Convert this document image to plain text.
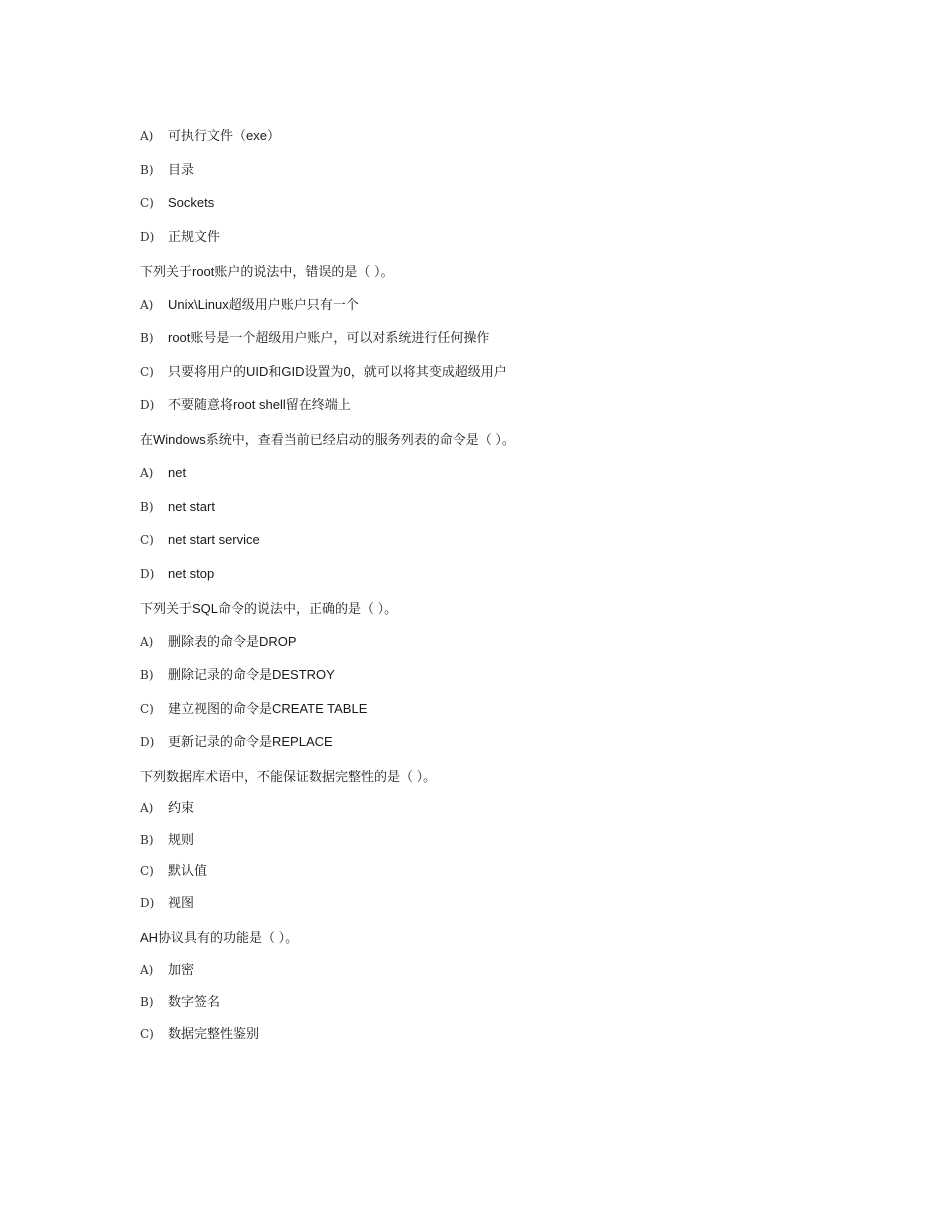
A)	可执行文件（exe）
B)	目录
C)	Sockets
D)	正规文件
下列关于root账户的说法中，错误的是（ ）。
A)	Unix\Linux超级用户账户只有一个
B)	root账号是一个超级用户账户，可以对系统进行任何操作
C)	只要将用户的UID和GID设置为0，就可以将其变成超级用户
D)	不要随意将root shell留在终端上
在Windows系统中，查看当前已经启动的服务列表的命令是（ ）。
A)	net
B)	net start
C)	net start service
D)	net stop
下列关于SQL命令的说法中，正确的是（ ）。
A)	删除表的命令是DROP
B)	删除记录的命令是DESTROY
C)	建立视图的命令是CREATE TABLE
D)	更新记录的命令是REPLACE
下列数据库术语中，不能保证数据完整性的是（ ）。
A)	约束
B)	规则
C)	默认值
D)	视图
AH协议具有的功能是（ ）。
A)	加密
B)	数字签名
C)	数据完整性鉴别
